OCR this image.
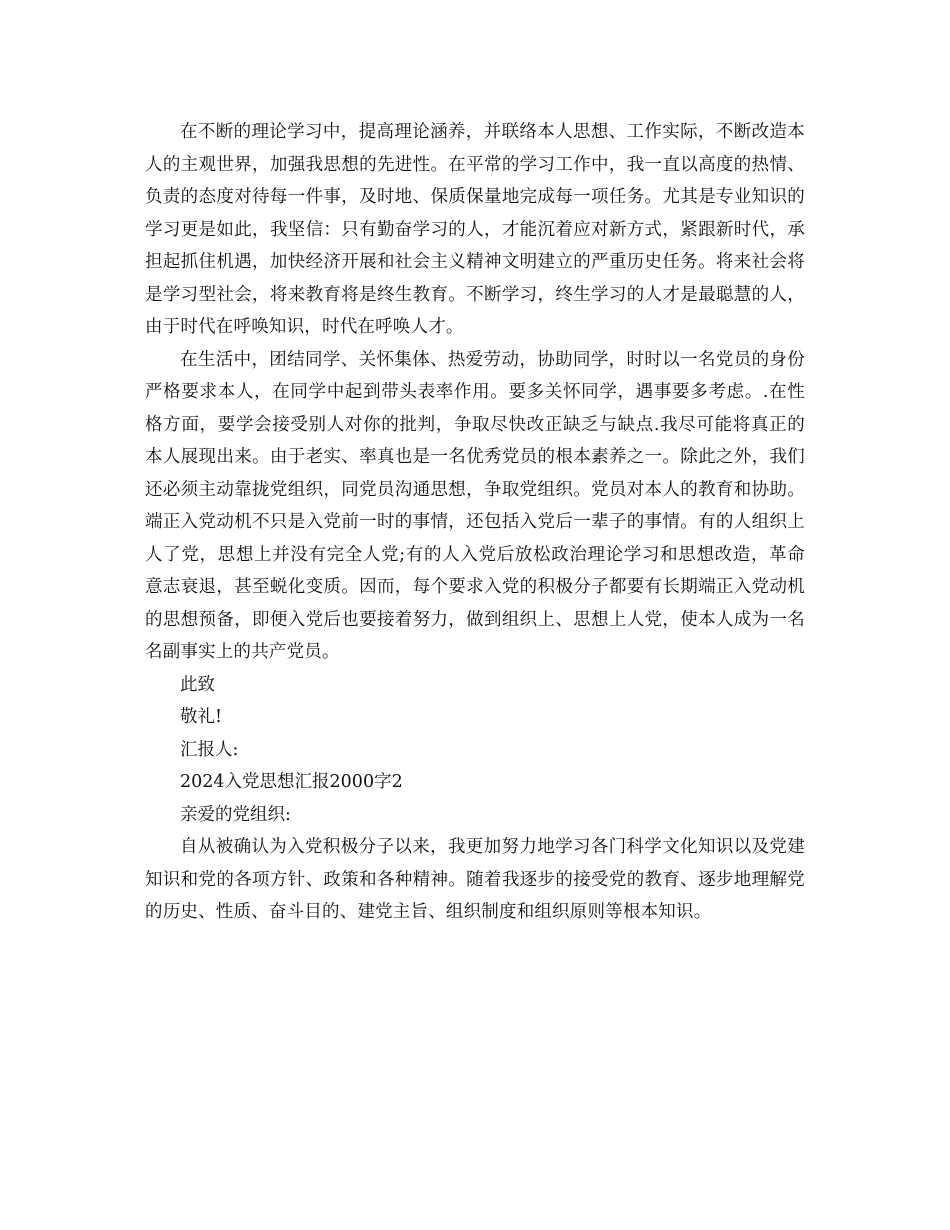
在不断的理论学习中，提高理论涵养，并联络本人思想、工作实际，不断改造本人的主观世界，加强我思想的先进性。在平常的学习工作中，我一直以高度的热情、负责的态度对待每一件事，及时地、保质保量地完成每一项任务。尤其是专业知识的学习更是如此，我坚信：只有勤奋学习的人，才能沉着应对新方式，紧跟新时代，承担起抓住机遇，加快经济开展和社会主义精神文明建立的严重历史任务。将来社会将是学习型社会，将来教育将是终生教育。不断学习，终生学习的人才是最聪慧的人，由于时代在呼唤知识，时代在呼唤人才。

在生活中，团结同学、关怀集体、热爱劳动，协助同学，时时以一名党员的身份严格要求本人，在同学中起到带头表率作用。要多关怀同学，遇事要多考虑。.在性格方面，要学会接受别人对你的批判，争取尽快改正缺乏与缺点.我尽可能将真正的本人展现出来。由于老实、率真也是一名优秀党员的根本素养之一。除此之外，我们还必须主动靠拢党组织，同党员沟通思想，争取党组织。党员对本人的教育和协助。端正入党动机不只是入党前一时的事情，还包括入党后一辈子的事情。有的人组织上人了党，思想上并没有完全人党;有的人入党后放松政治理论学习和思想改造，革命意志衰退，甚至蜕化变质。因而，每个要求入党的积极分子都要有长期端正入党动机的思想预备，即便入党后也要接着努力，做到组织上、思想上人党，使本人成为一名名副事实上的共产党员。

此致

敬礼!

汇报人:

2024入党思想汇报2000字2

亲爱的党组织:

自从被确认为入党积极分子以来，我更加努力地学习各门科学文化知识以及党建知识和党的各项方针、政策和各种精神。随着我逐步的接受党的教育、逐步地理解党的历史、性质、奋斗目的、建党主旨、组织制度和组织原则等根本知识。
